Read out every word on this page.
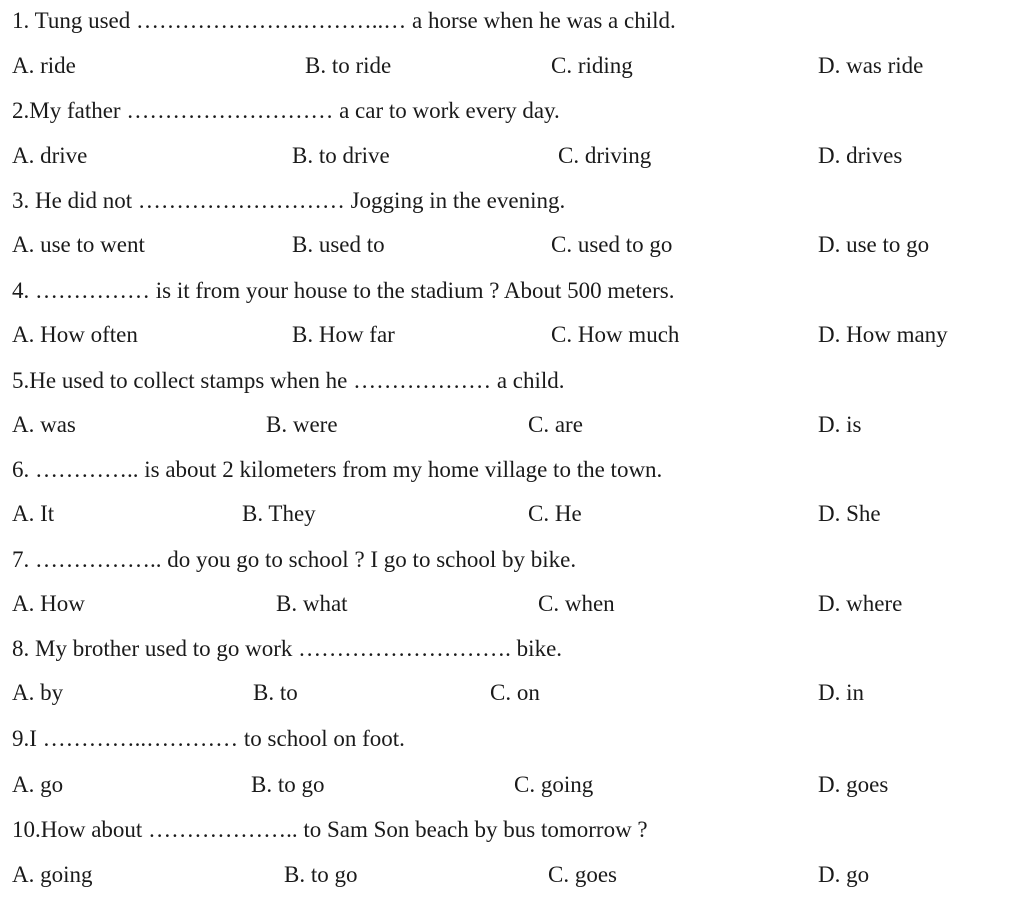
1. Tung used ………………….………..… a horse when he was a child.
A. ride	B. to ride	C. riding	D. was ride
2.My father ……………………… a car to work every day.
A. drive	B. to drive	C. driving	D. drives
3. He did not ……………………… Jogging in the evening.
A. use to went	B. used to	C. used to go	D. use to go
4. …………… is it from your house to the stadium ? About 500 meters.
A. How often	B. How far	C. How much	D. How many
5.He used to collect stamps when he ……………… a child.
A. was	B. were	C. are	D. is
6. ………….. is about 2 kilometers from my home village to the town.
A. It	B. They	C. He	D. She
7. …………….. do you go to school ? I go to school by bike.
A. How	B. what	C. when	D. where
8. My brother used to go work ………………………. bike.
A. by	B. to	C. on	D. in
9.I …………..………… to school on foot.
A. go	B. to go	C. going	D. goes
10.How about ……………….. to Sam Son beach by bus tomorrow ?
A. going	B. to go	C. goes	D. go
